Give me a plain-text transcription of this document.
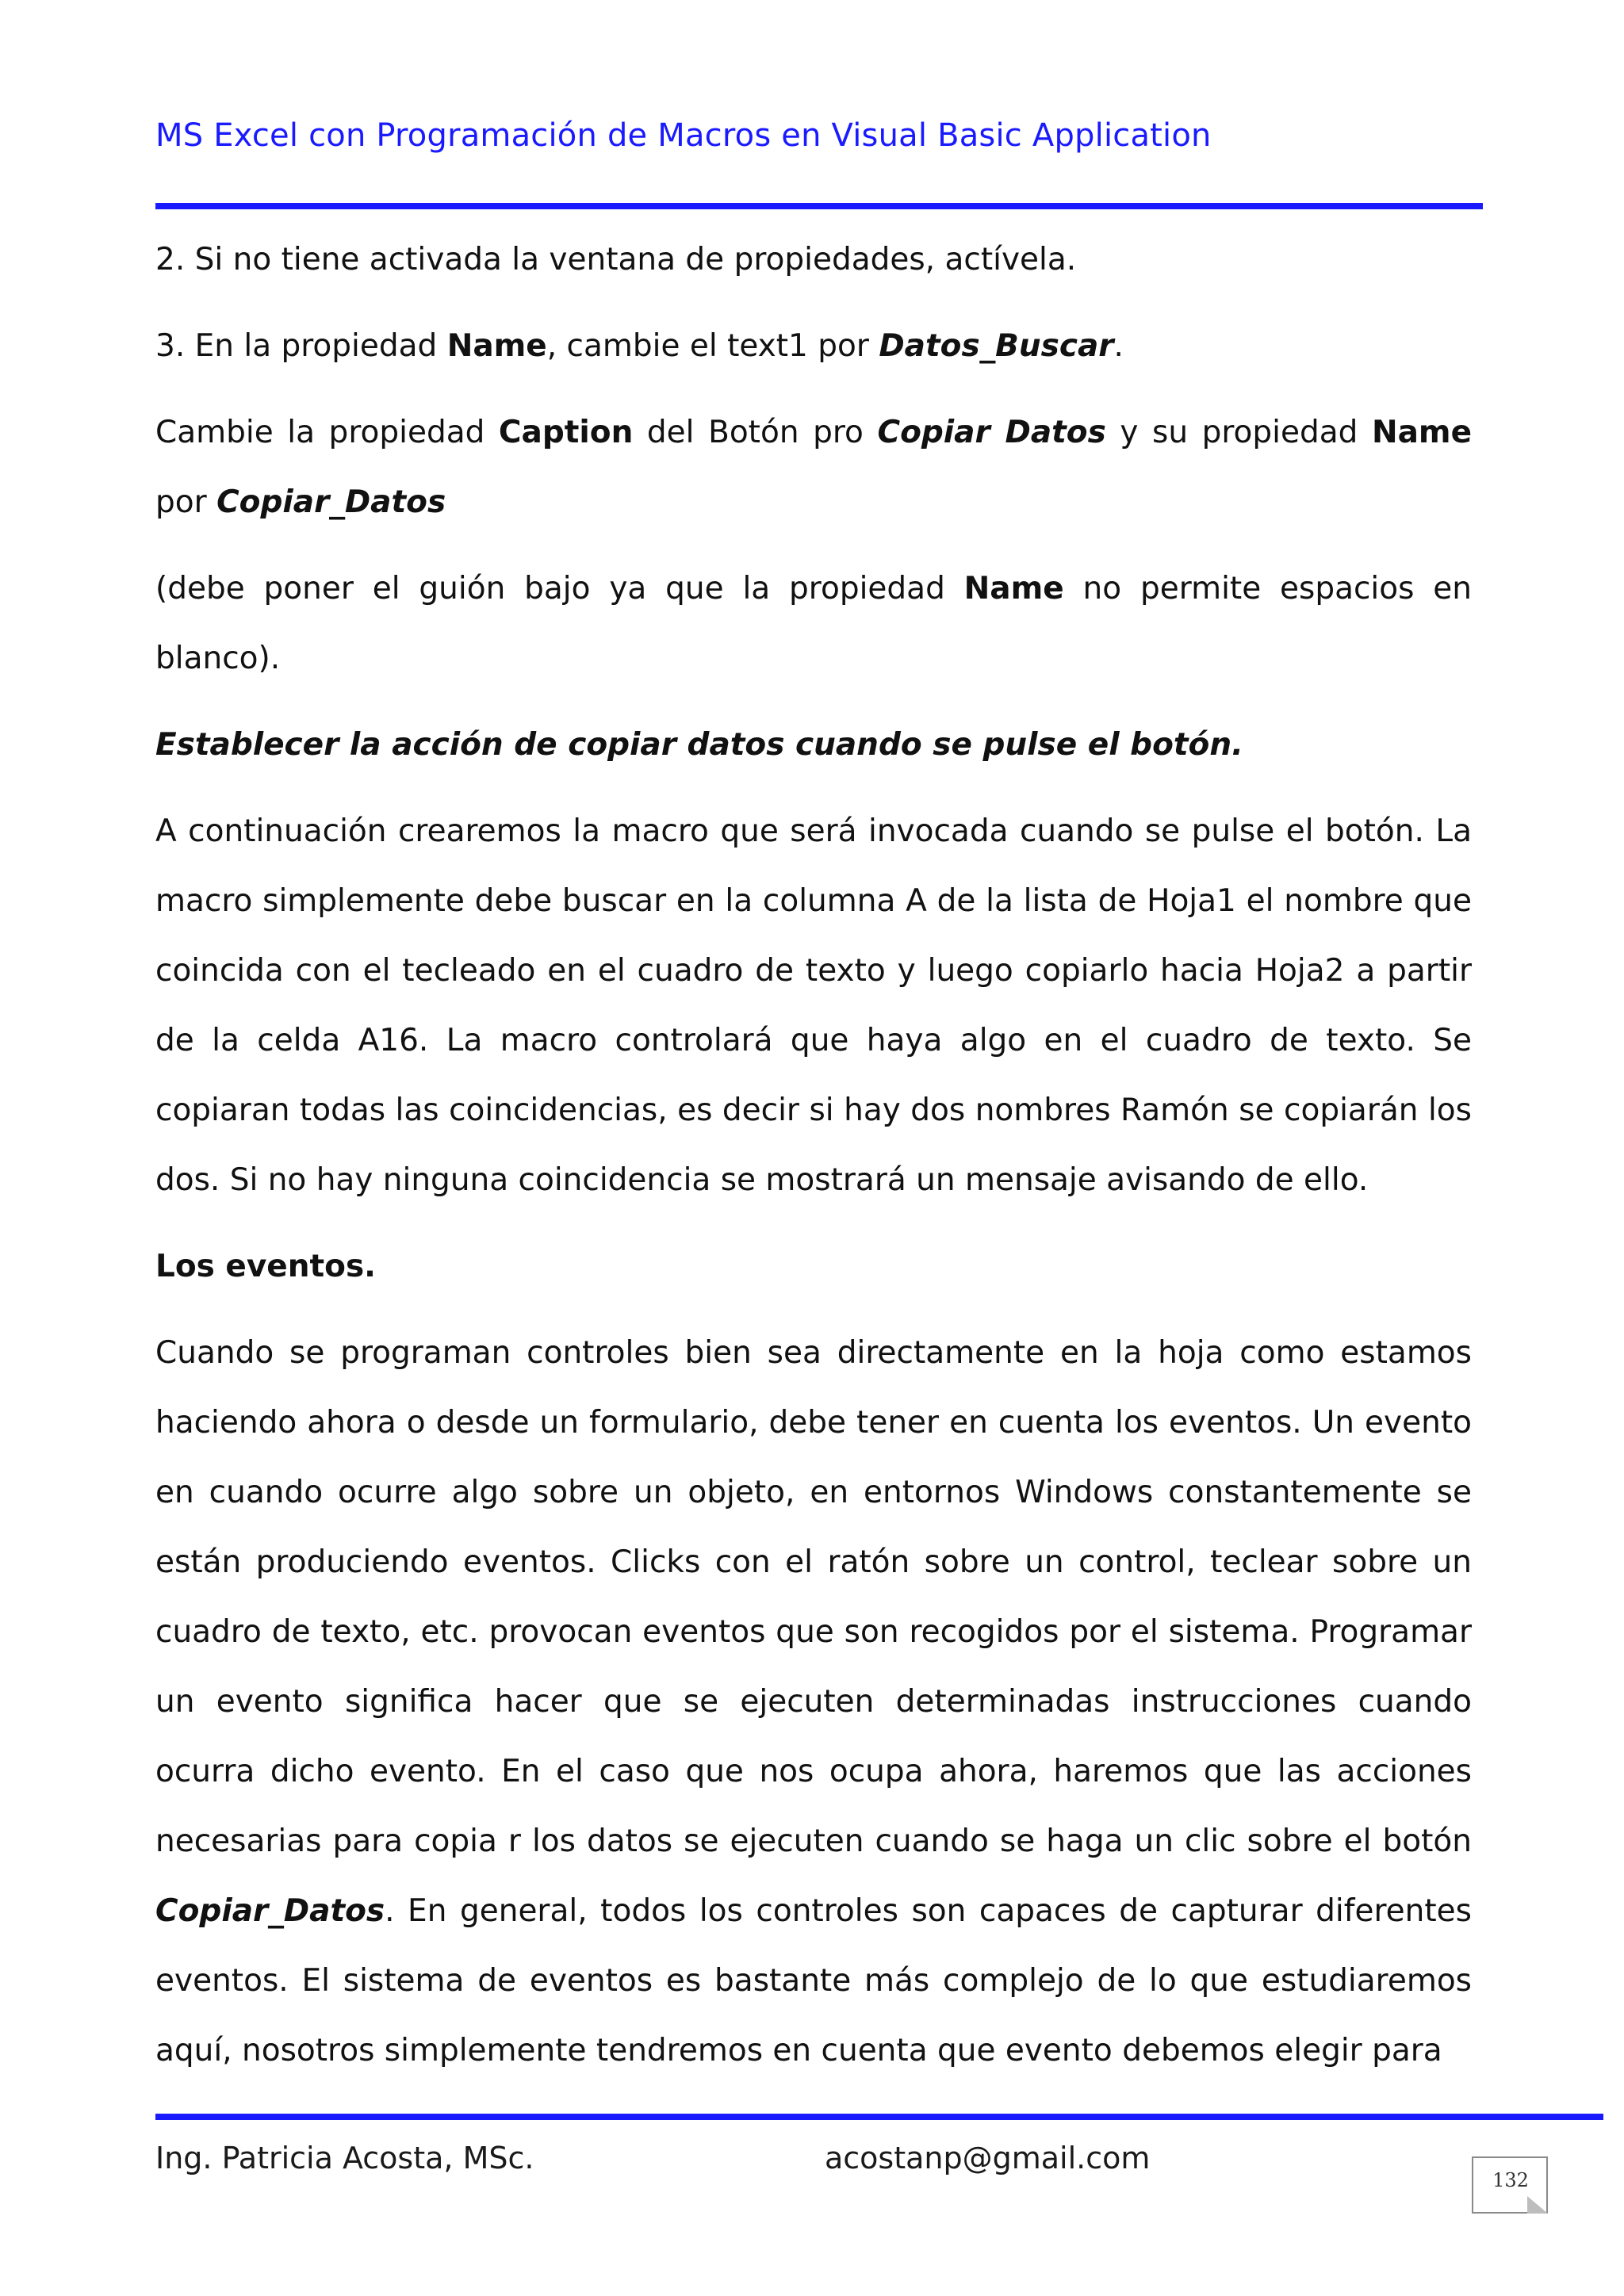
MS Excel con Programación de Macros en Visual Basic Application

2. Si no tiene activada la ventana de propiedades, actívela.

3. En la propiedad Name, cambie el text1 por Datos_Buscar.

Cambie la propiedad Caption del Botón pro Copiar Datos y su propiedad Name por Copiar_Datos

(debe poner el guión bajo ya que la propiedad Name no permite espacios en blanco).

Establecer la acción de copiar datos cuando se pulse el botón.

A continuación crearemos la macro que será invocada cuando se pulse el botón. La macro simplemente debe buscar en la columna A de la lista de Hoja1 el nombre que coincida con el tecleado en el cuadro de texto y luego copiarlo hacia Hoja2 a partir de la celda A16. La macro controlará que haya algo en el cuadro de texto. Se copiaran todas las coincidencias, es decir si hay dos nombres Ramón se copiarán los dos. Si no hay ninguna coincidencia se mostrará un mensaje avisando de ello.

Los eventos.

Cuando se programan controles bien sea directamente en la hoja como estamos haciendo ahora o desde un formulario, debe tener en cuenta los eventos. Un evento en cuando ocurre algo sobre un objeto, en entornos Windows constantemente se están produciendo eventos. Clicks con el ratón sobre un control, teclear sobre un cuadro de texto, etc. provocan eventos que son recogidos por el sistema. Programar un evento significa hacer que se ejecuten determinadas instrucciones cuando ocurra dicho evento. En el caso que nos ocupa ahora, haremos que las acciones necesarias para copia r los datos se ejecuten cuando se haga un clic sobre el botón Copiar_Datos. En general, todos los controles son capaces de capturar diferentes eventos. El sistema de eventos es bastante más complejo de lo que estudiaremos aquí, nosotros simplemente tendremos en cuenta que evento debemos elegir para

Ing. Patricia Acosta, MSc.	acostanp@gmail.com
132
